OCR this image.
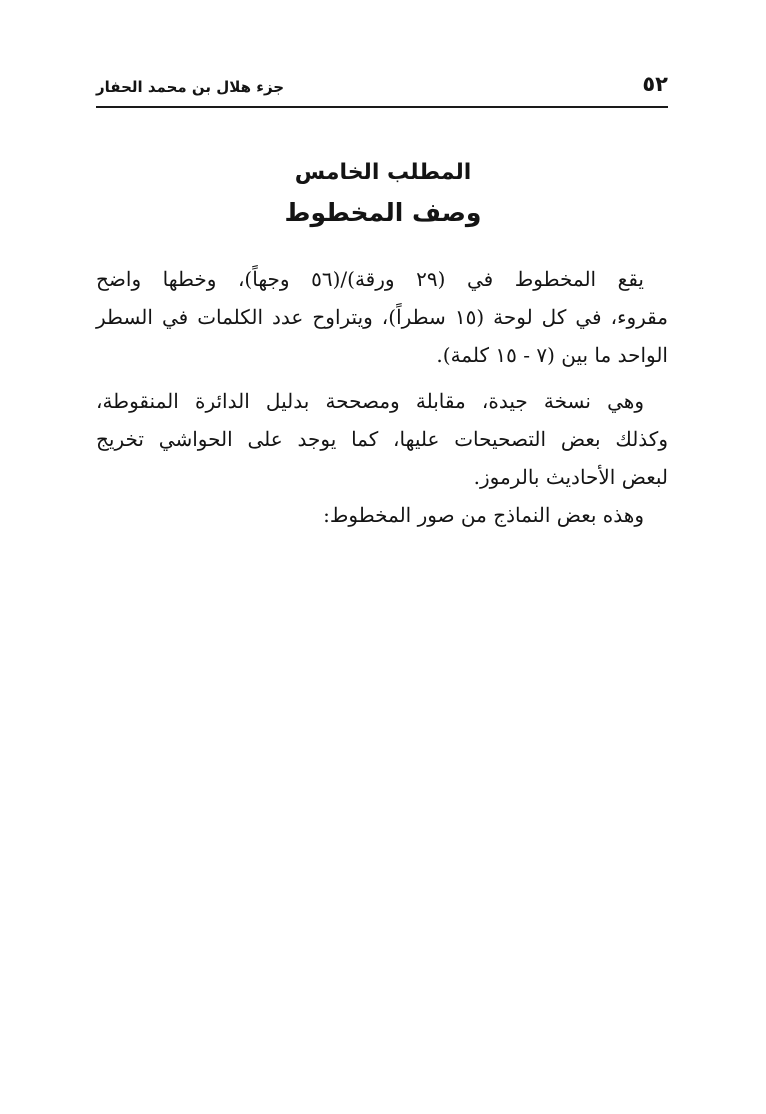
جزء هلال بن محمد الحفار	٥٢
المطلب الخامس
وصف المخطوط
يقع المخطوط في (٢٩ ورقة)/(٥٦ وجهاً)، وخطها واضح
مقروء، في كل لوحة (١٥ سطراً)، ويتراوح عدد الكلمات في السطر
الواحد ما بين (٧ - ١٥ كلمة).
وهي نسخة جيدة، مقابلة ومصححة بدليل الدائرة المنقوطة،
وكذلك بعض التصحيحات عليها، كما يوجد على الحواشي تخريج
لبعض الأحاديث بالرموز.
وهذه بعض النماذج من صور المخطوط:
